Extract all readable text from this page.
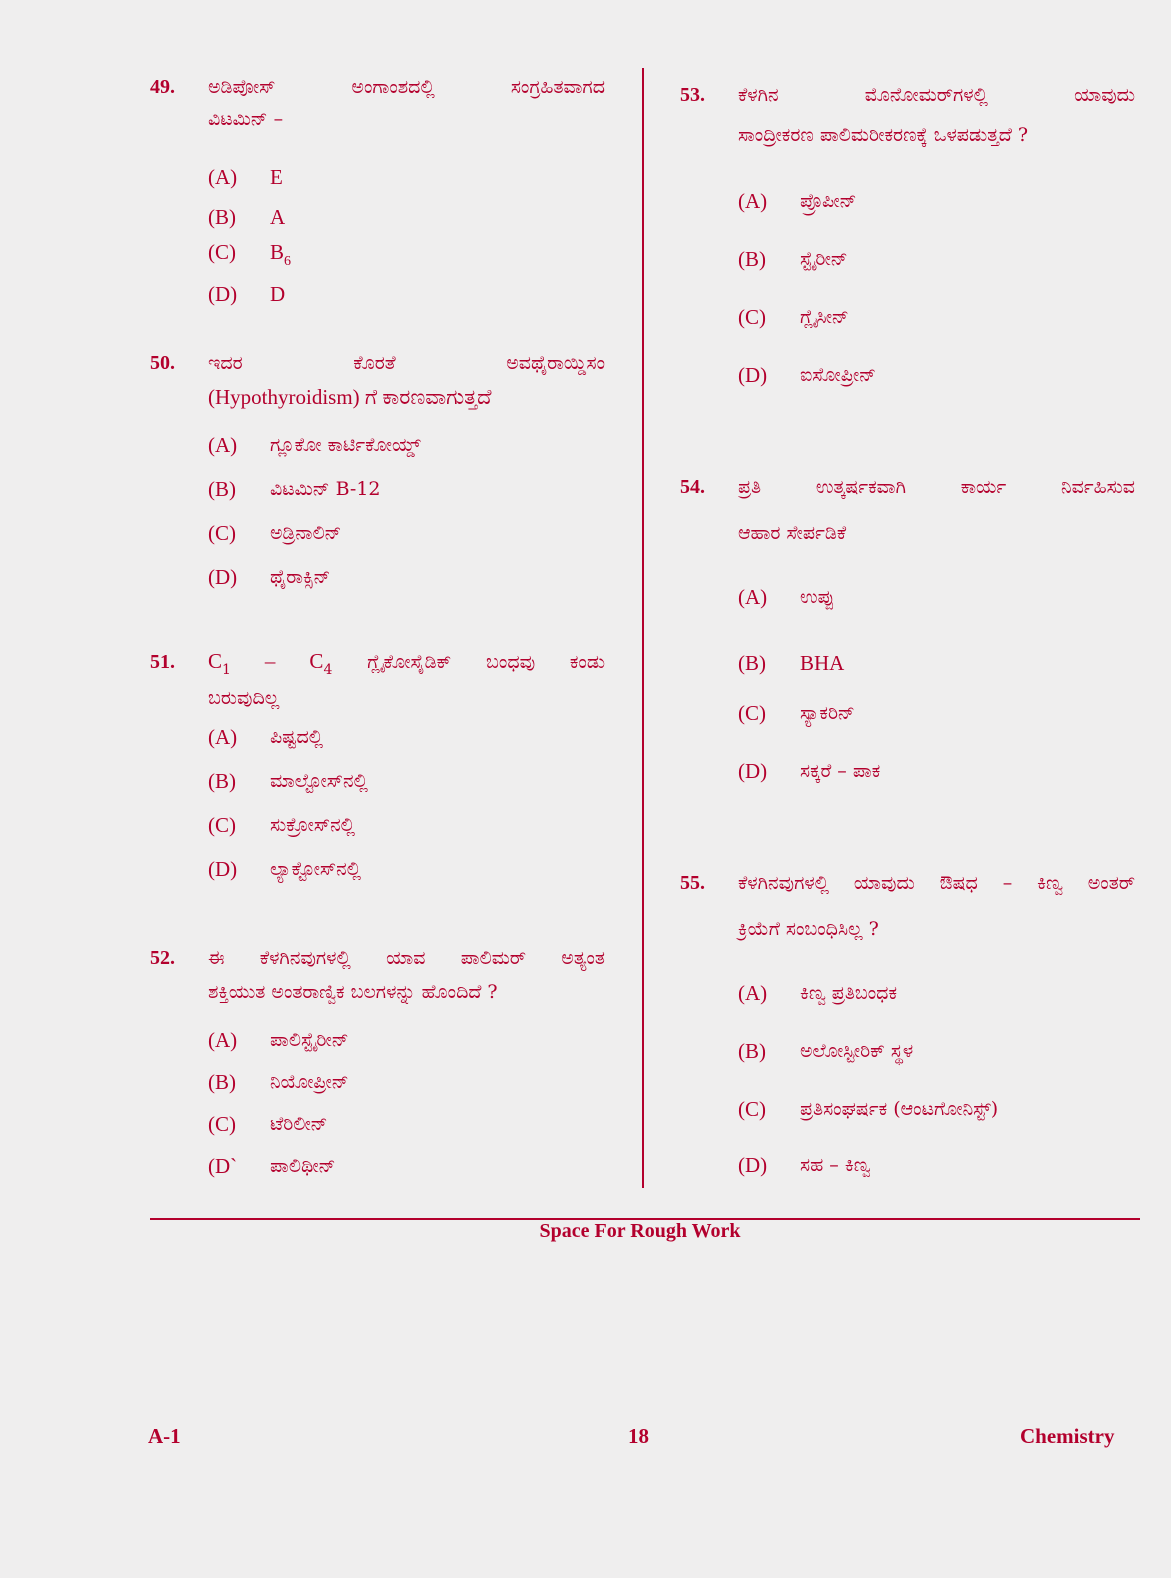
49.	ಅಡಿಪೋಸ್ ಅಂಗಾಂಶದಲ್ಲಿ ಸಂಗ್ರಹಿತವಾಗದ
ವಿಟಮಿನ್ –
(A)	E
(B)	A
(C)	$B_6$
(D)	D
50.	ಇದರ ಕೊರತೆ ಅವಥೈರಾಯ್ಡಿಸಂ
(Hypothyroidism) ಗೆ ಕಾರಣವಾಗುತ್ತದೆ
(A)	ಗ್ಲೂಕೋ ಕಾರ್ಟಿಕೋಯ್ಡ್
(B)	ವಿಟಮಿನ್ B-12
(C)	ಅಡ್ರಿನಾಲಿನ್
(D)	ಥೈರಾಕ್ಸಿನ್
51.	$C_1 - C_4$ ಗ್ಲೈಕೋಸೈಡಿಕ್ ಬಂಧವು ಕಂಡು
ಬರುವುದಿಲ್ಲ
(A)	ಪಿಷ್ಟದಲ್ಲಿ
(B)	ಮಾಲ್ಟೋಸ್‌ನಲ್ಲಿ
(C)	ಸುಕ್ರೋಸ್‌ನಲ್ಲಿ
(D)	ಲ್ಯಾಕ್ಟೋಸ್‌ನಲ್ಲಿ
52.	ಈ ಕೆಳಗಿನವುಗಳಲ್ಲಿ ಯಾವ ಪಾಲಿಮರ್ ಅತ್ಯಂತ
ಶಕ್ತಿಯುತ ಅಂತರಾಣ್ವಿಕ ಬಲಗಳನ್ನು ಹೊಂದಿದೆ ?
(A)	ಪಾಲಿಸ್ಟೈರೀನ್
(B)	ನಿಯೋಪ್ರೀನ್
(C)	ಟೆರಿಲೀನ್
(D`	ಪಾಲಿಥೀನ್
53.	ಕೆಳಗಿನ ಮೊನೋಮರ್‌ಗಳಲ್ಲಿ ಯಾವುದು
ಸಾಂದ್ರೀಕರಣ ಪಾಲಿಮರೀಕರಣಕ್ಕೆ ಒಳಪಡುತ್ತದೆ ?
(A)	ಪ್ರೊಪೀನ್
(B)	ಸ್ಟೈರೀನ್
(C)	ಗ್ಲೈಸೀನ್
(D)	ಐಸೋಪ್ರೀನ್
54.	ಪ್ರತಿ ಉತ್ಕರ್ಷಕವಾಗಿ ಕಾರ್ಯ ನಿರ್ವಹಿಸುವ
ಆಹಾರ ಸೇರ್ಪಡಿಕೆ
(A)	ಉಪ್ಪು
(B)	BHA
(C)	ಸ್ಯಾಕರಿನ್
(D)	ಸಕ್ಕರೆ – ಪಾಕ
55.	ಕೆಳಗಿನವುಗಳಲ್ಲಿ ಯಾವುದು ಔಷಧ – ಕಿಣ್ವ ಅಂತರ್
ಕ್ರಿಯೆಗೆ ಸಂಬಂಧಿಸಿಲ್ಲ ?
(A)	ಕಿಣ್ವ ಪ್ರತಿಬಂಧಕ
(B)	ಅಲೋಸ್ಟೀರಿಕ್ ಸ್ಥಳ
(C)	ಪ್ರತಿಸಂಘರ್ಷಕ (ಆಂಟಗೋನಿಸ್ಟ್)
(D)	ಸಹ – ಕಿಣ್ವ
Space For Rough Work
A-1	18	Chemistry
